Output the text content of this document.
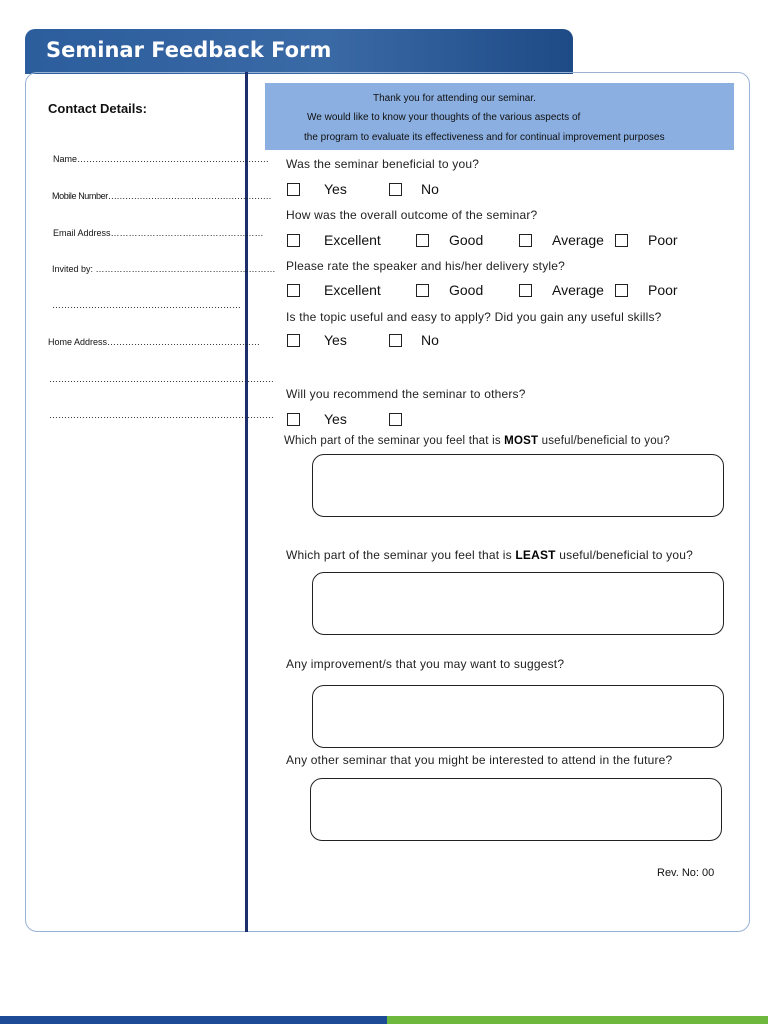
Seminar Feedback Form
Contact Details:
Name……………………………………………………….
Mobile Number…………………………………………………
Email Address……………………………………………
Invited by: ……………………………………………………
………………………………………………………
Home Address……………………………………………
…………………………………………………………………
…………………………………………………………………
Thank you for attending our seminar.
We would like to know your thoughts of the various aspects of
the program to evaluate its effectiveness and for continual improvement purposes
Was the seminar beneficial to you?
Yes	No
How was the overall outcome of the seminar?
Excellent	Good	Average	Poor
Please rate the speaker and his/her delivery style?
Excellent	Good	Average	Poor
Is the topic useful and easy to apply? Did you gain any useful skills?
Yes	No
Will you recommend the seminar to others?
Yes
Which part of the seminar you feel that is MOST useful/beneficial to you?
Which part of the seminar you feel that is LEAST useful/beneficial to you?
Any improvement/s that you may want to suggest?
Any other seminar that you might be interested to attend in the future?
Rev. No: 00
